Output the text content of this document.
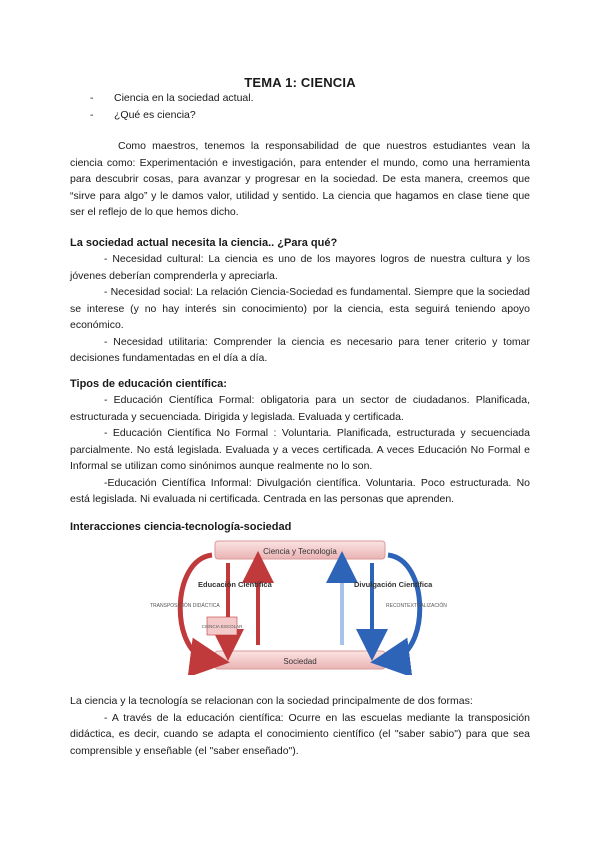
TEMA 1: CIENCIA
-	Ciencia en la sociedad actual.
-	¿Qué es ciencia?

Como maestros, tenemos la responsabilidad de que nuestros estudiantes vean la ciencia como: Experimentación e investigación, para entender el mundo, como una herramienta para descubrir cosas, para avanzar y progresar en la sociedad. De esta manera, creemos que “sirve para algo” y le damos valor, utilidad y sentido. La ciencia que hagamos en clase tiene que ser el reflejo de lo que hemos dicho.

La sociedad actual necesita la ciencia.. ¿Para qué?

- Necesidad cultural: La ciencia es uno de los mayores logros de nuestra cultura y los jóvenes deberían comprenderla y apreciarla.

- Necesidad social: La relación Ciencia-Sociedad es fundamental. Siempre que la sociedad se interese (y no hay interés sin conocimiento) por la ciencia, esta seguirá teniendo apoyo económico.

- Necesidad utilitaria: Comprender la ciencia es necesario para tener criterio y tomar decisiones fundamentadas en el día a día.

Tipos de educación científica:

- Educación Científica Formal: obligatoria para un sector de ciudadanos. Planificada, estructurada y secuenciada. Dirigida y legislada. Evaluada y certificada.

- Educación Científica No Formal : Voluntaria. Planificada, estructurada y secuenciada parcialmente. No está legislada. Evaluada y a veces certificada. A veces Educación No Formal e Informal se utilizan como sinónimos aunque realmente no lo son.

-Educación Científica Informal: Divulgación científica. Voluntaria. Poco estructurada. No está legislada. Ni evaluada ni certificada. Centrada en las personas que aprenden.

Interacciones ciencia-tecnología-sociedad
Ciencia y Tecnología
Sociedad
Educación Científica
TRANSPOSICIÓN DIDÁCTICA
CIENCIA ESCOLAR
Divulgación Científica
RECONTEXTUALIZACIÓN

La ciencia y la tecnología se relacionan con la sociedad principalmente de dos formas:

- A través de la educación científica: Ocurre en las escuelas mediante la transposición didáctica, es decir, cuando se adapta el conocimiento científico (el "saber sabio") para que sea comprensible y enseñable (el "saber enseñado").
